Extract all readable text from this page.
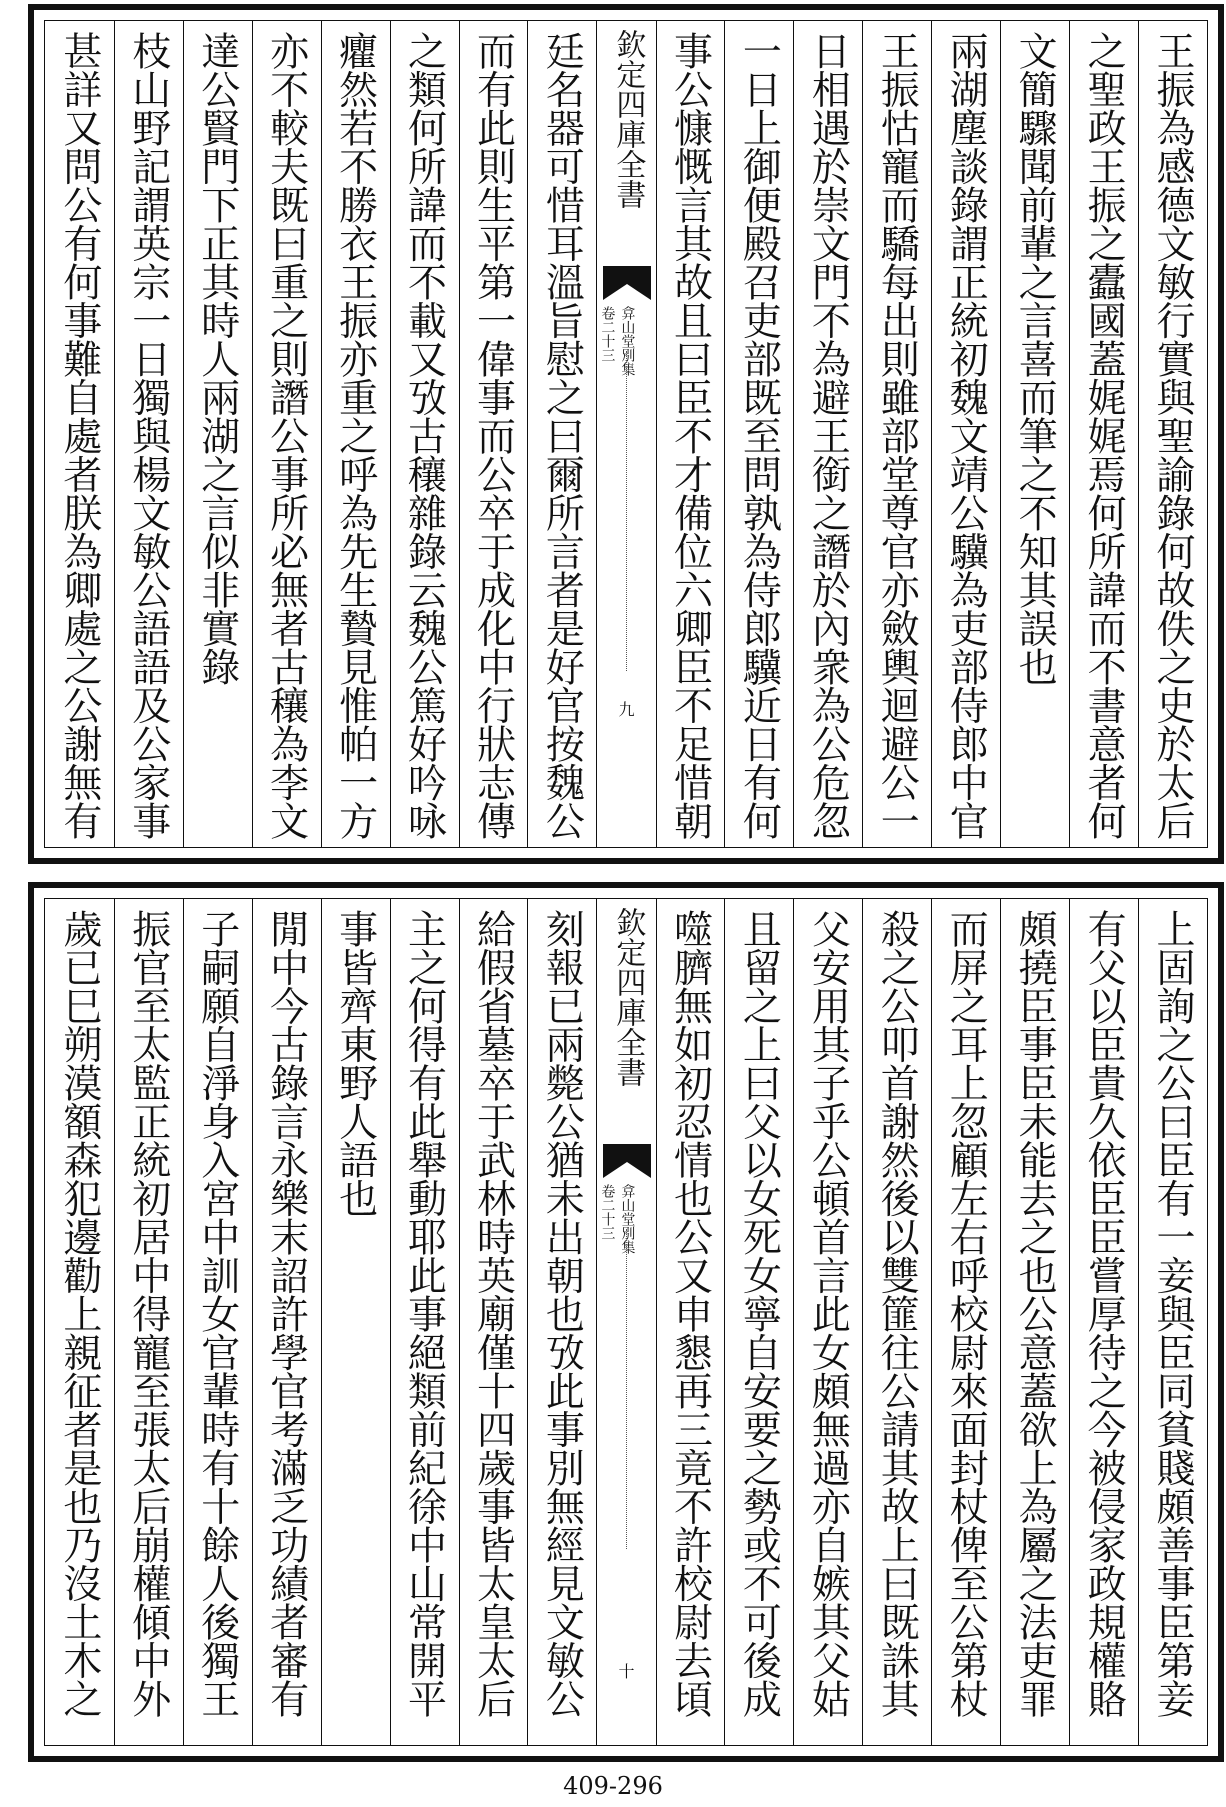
王振為感德文敏行實與聖諭錄何故佚之史於太后
之聖政王振之蠹國蓋娓娓焉何所諱而不書意者何
文簡驟聞前輩之言喜而筆之不知其誤也
兩湖塵談錄謂正統初魏文靖公驥為吏部侍郎中官
王振怙寵而驕每出則雖部堂尊官亦斂輿迴避公一
日相遇於崇文門不為避王銜之譖於內衆為公危忽
一日上御便殿召吏部既至問孰為侍郎驥近日有何
事公慷慨言其故且曰臣不才備位六卿臣不足惜朝
欽定四庫全書
弇山堂別集
卷二十三
九
廷名器可惜耳溫旨慰之曰爾所言者是好官按魏公
而有此則生平第一偉事而公卒于成化中行狀志傳
之類何所諱而不載又攷古穰雜錄云魏公篤好吟咏
癯然若不勝衣王振亦重之呼為先生贄見惟帕一方
亦不較夫既曰重之則譖公事所必無者古穰為李文
達公賢門下正其時人兩湖之言似非實錄
枝山野記謂英宗一日獨與楊文敏公語語及公家事
甚詳又問公有何事難自處者朕為卿處之公謝無有
上固詢之公曰臣有一妾與臣同貧賤頗善事臣第妾
有父以臣貴久依臣臣嘗厚待之今被侵家政規權賂
頗撓臣事臣未能去之也公意蓋欲上為屬之法吏罪
而屏之耳上忽顧左右呼校尉來面封杖俾至公第杖
殺之公叩首謝然後以雙篚往公請其故上曰既誅其
父安用其子乎公頓首言此女頗無過亦自嫉其父姑
且留之上曰父以女死女寧自安要之勢或不可後成
噬臍無如初忍情也公又申懇再三竟不許校尉去頃
欽定四庫全書
弇山堂別集
卷二十三
十
刻報已兩斃公猶未出朝也攷此事別無經見文敏公
給假省墓卒于武林時英廟僅十四歲事皆太皇太后
主之何得有此舉動耶此事絕類前紀徐中山常開平
事皆齊東野人語也
閒中今古錄言永樂末詔許學官考滿乏功績者審有
子嗣願自淨身入宮中訓女官輩時有十餘人後獨王
振官至太監正統初居中得寵至張太后崩權傾中外
歲已巳朔漠額森犯邊勸上親征者是也乃沒土木之
409-296
